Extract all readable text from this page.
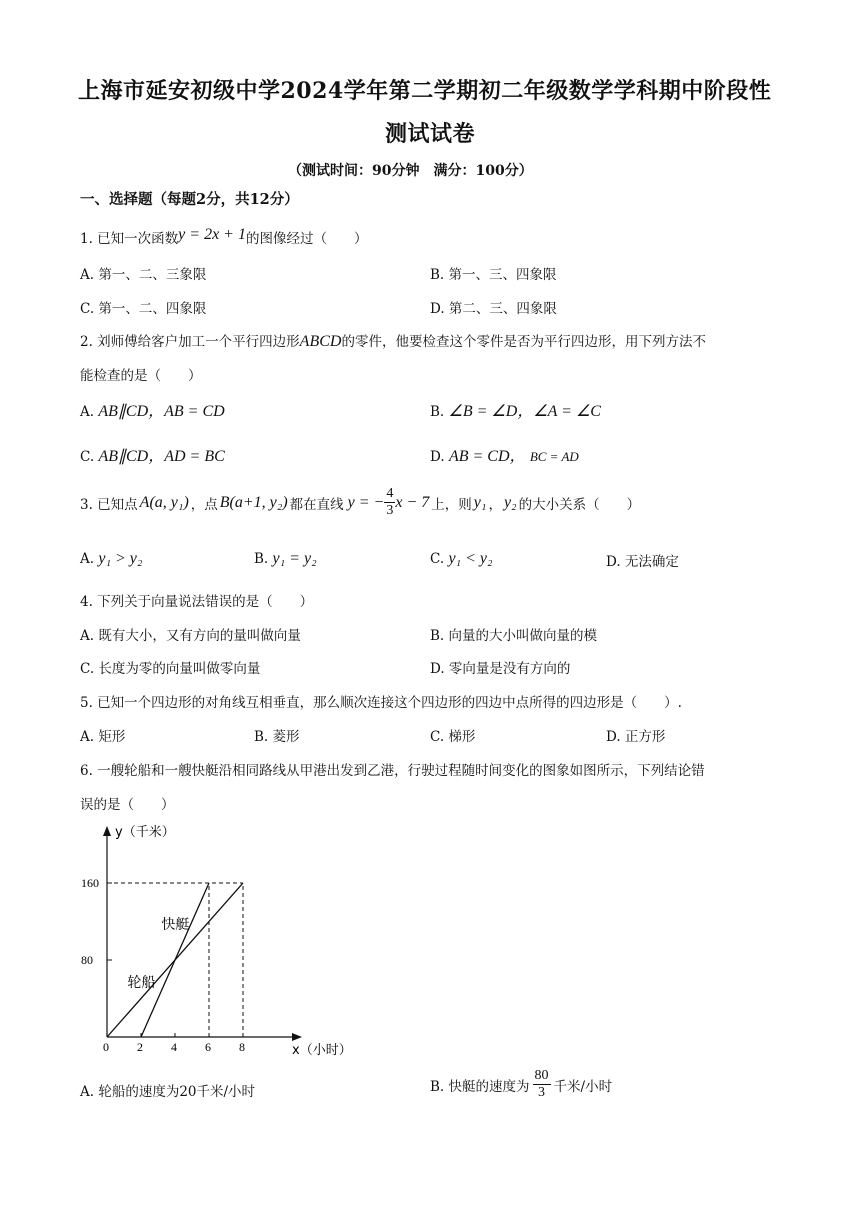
上海市延安初级中学2024学年第二学期初二年级数学学科期中阶段性
测试试卷
（测试时间：90分钟　满分：100分）
一、选择题（每题2分，共12分）
1. 已知一次函数y = 2x + 1的图像经过（　　）
A. 第一、二、三象限	B. 第一、三、四象限
C. 第一、二、四象限	D. 第二、三、四象限
2. 刘师傅给客户加工一个平行四边形ABCD的零件，他要检查这个零件是否为平行四边形，用下列方法不
能检查的是（　　）
A. AB∥CD，AB = CD	B. ∠B = ∠D，∠A = ∠C
C. AB∥CD，AD = BC	D. AB = CD， BC = AD
3. 已知点 A(a, y₁) ，点 B(a+1, y₂) 都在直线 y = − $\frac{4}{3}$ x − 7 上，则 y₁ ， y₂ 的大小关系（　　）
A. y₁ > y₂	B. y₁ = y₂	C. y₁ < y₂	D. 无法确定
4. 下列关于向量说法错误的是（　　）
A. 既有大小，又有方向的量叫做向量	B. 向量的大小叫做向量的模
C. 长度为零的向量叫做零向量	D. 零向量是没有方向的
5. 已知一个四边形的对角线互相垂直，那么顺次连接这个四边形的四边中点所得的四边形是（　　）.
A. 矩形	B. 菱形	C. 梯形	D. 正方形
6. 一艘轮船和一艘快艇沿相同路线从甲港出发到乙港，行驶过程随时间变化的图象如图所示，下列结论错
误的是（　　）
y（千米）
x（小时）
0 2 4 6 8
80
160
轮船
快艇
A. 轮船的速度为20千米/小时	B. 快艇的速度为 $\frac{80}{3}$ 千米/小时
